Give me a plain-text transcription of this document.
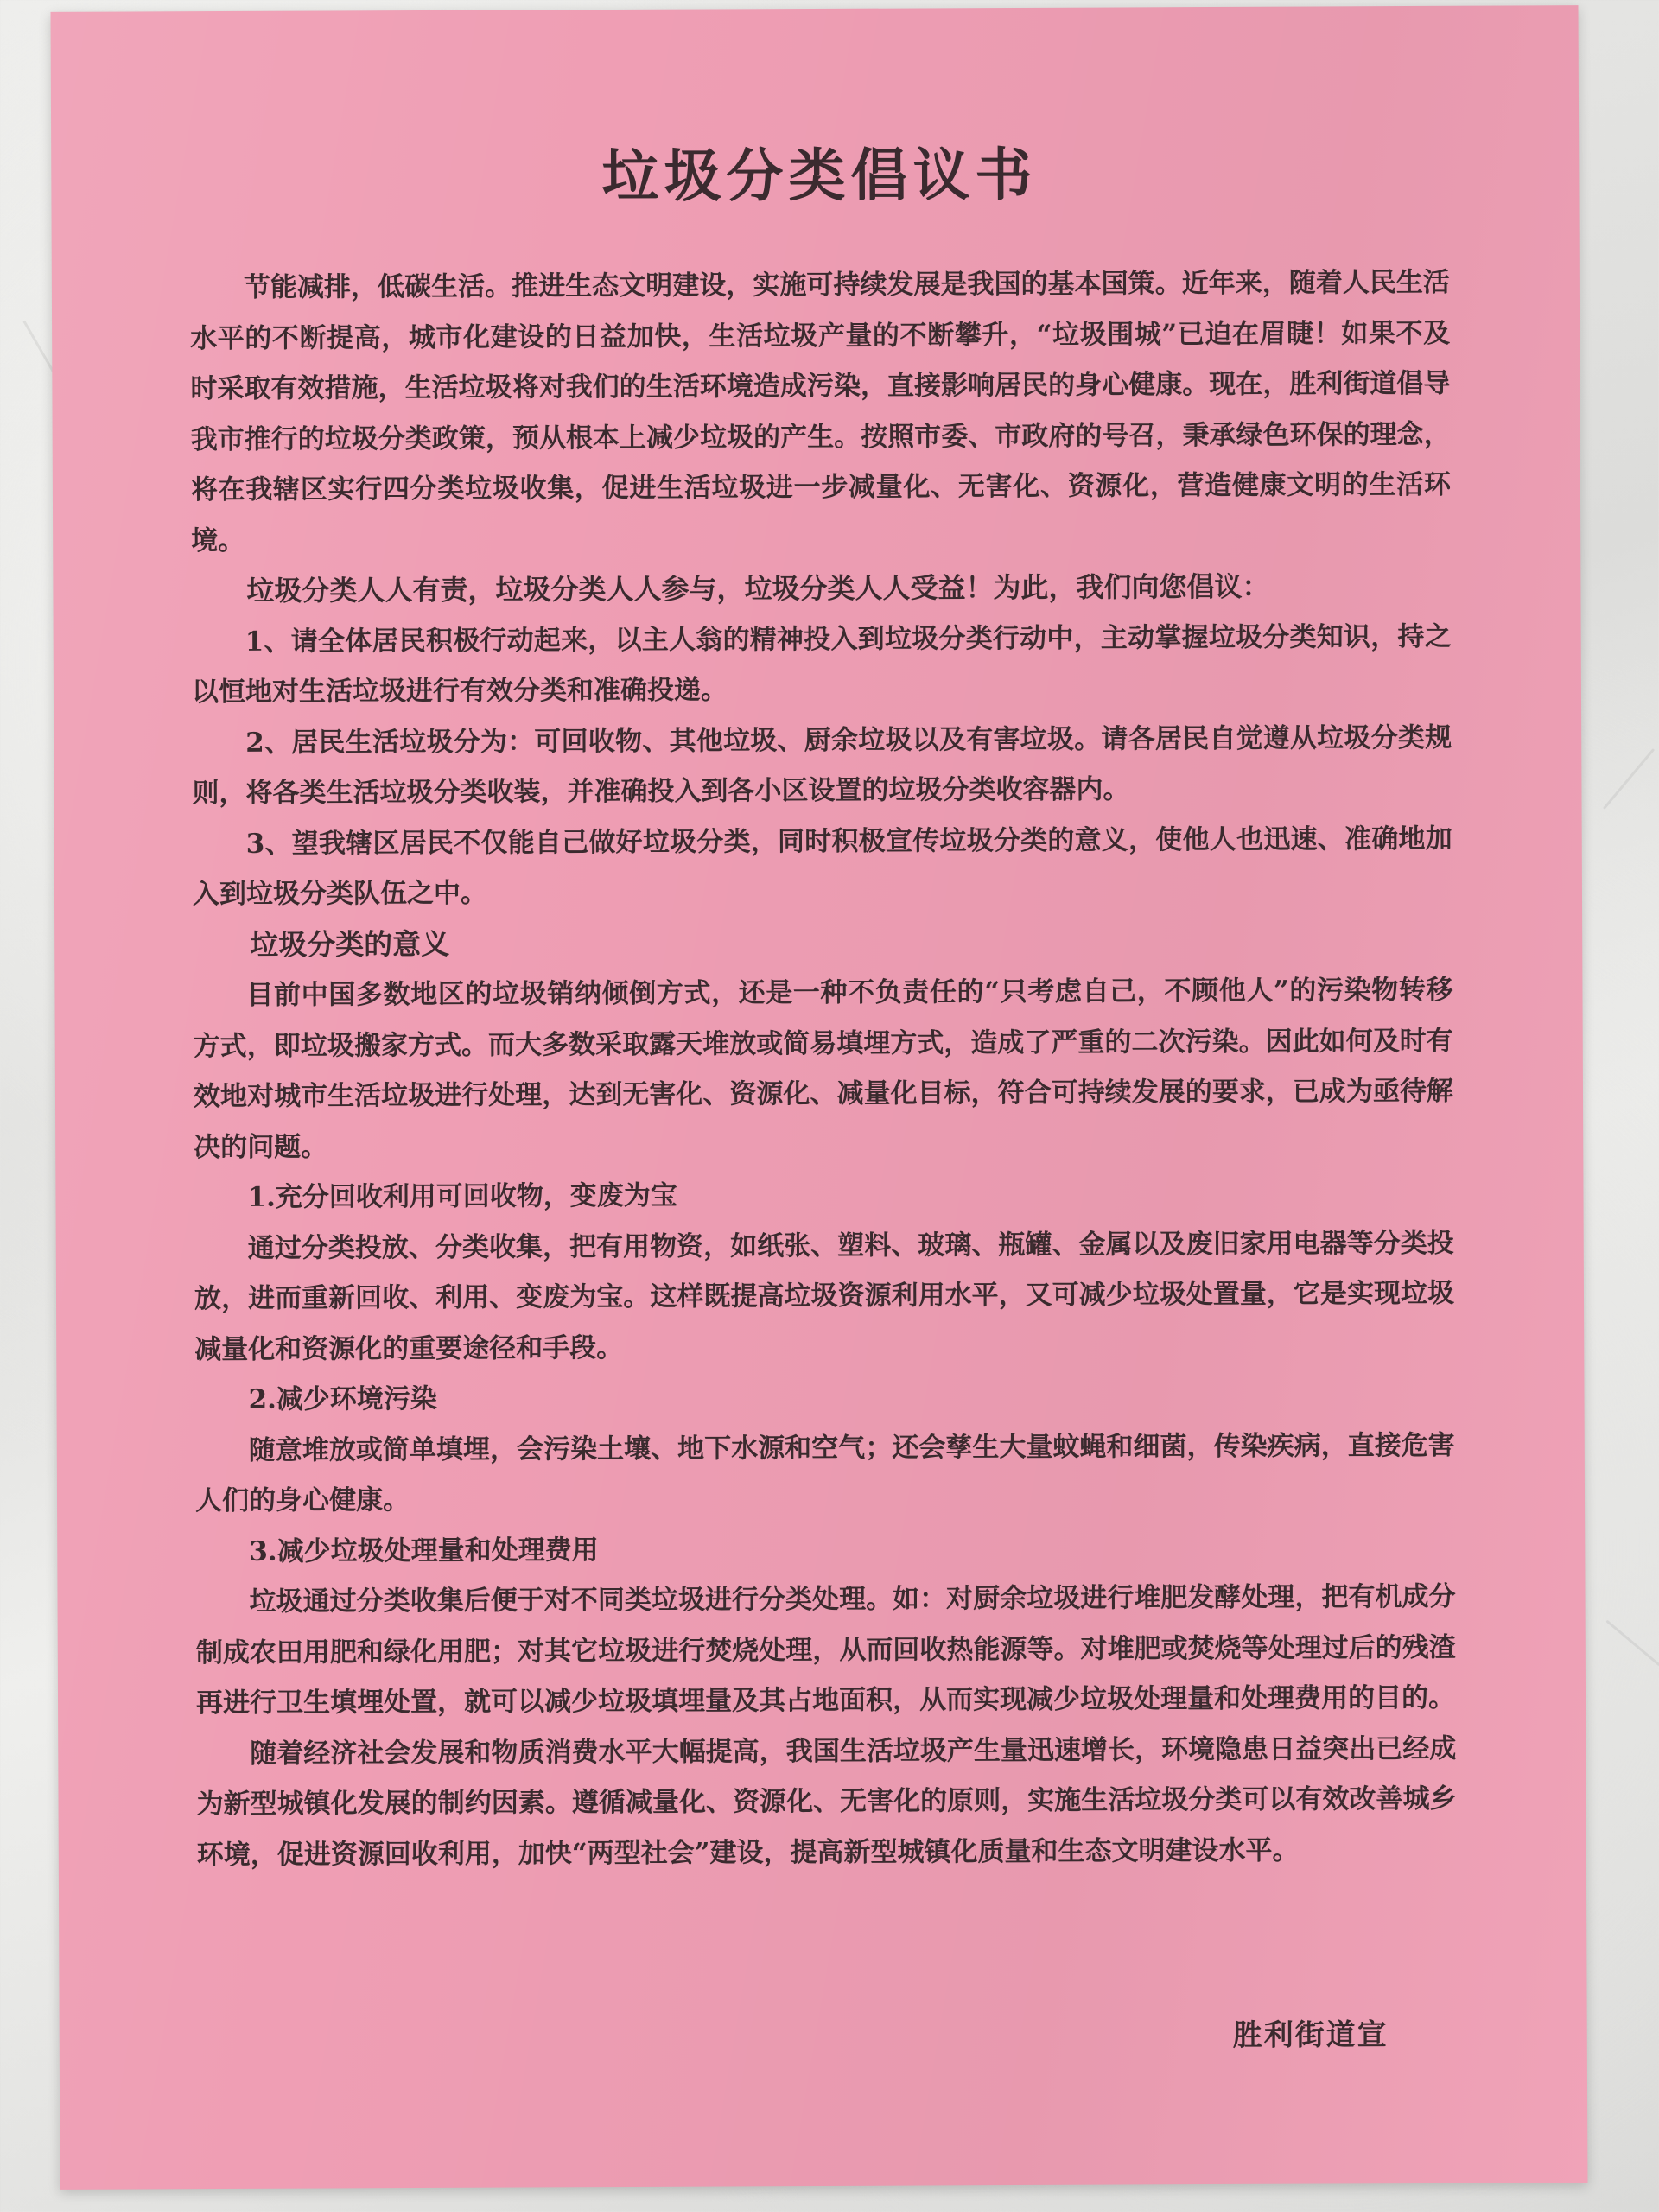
垃圾分类倡议书

节能减排，低碳生活。推进生态文明建设，实施可持续发展是我国的基本国策。近年来，随着人民生活水平的不断提高，城市化建设的日益加快，生活垃圾产量的不断攀升，“垃圾围城”已迫在眉睫！如果不及时采取有效措施，生活垃圾将对我们的生活环境造成污染，直接影响居民的身心健康。现在，胜利街道倡导我市推行的垃圾分类政策，预从根本上减少垃圾的产生。按照市委、市政府的号召，秉承绿色环保的理念，将在我辖区实行四分类垃圾收集，促进生活垃圾进一步减量化、无害化、资源化，营造健康文明的生活环境。

垃圾分类人人有责，垃圾分类人人参与，垃圾分类人人受益！为此，我们向您倡议：

1、请全体居民积极行动起来，以主人翁的精神投入到垃圾分类行动中，主动掌握垃圾分类知识，持之以恒地对生活垃圾进行有效分类和准确投递。

2、居民生活垃圾分为：可回收物、其他垃圾、厨余垃圾以及有害垃圾。请各居民自觉遵从垃圾分类规则，将各类生活垃圾分类收装，并准确投入到各小区设置的垃圾分类收容器内。

3、望我辖区居民不仅能自己做好垃圾分类，同时积极宣传垃圾分类的意义，使他人也迅速、准确地加入到垃圾分类队伍之中。

垃圾分类的意义

目前中国多数地区的垃圾销纳倾倒方式，还是一种不负责任的“只考虑自己，不顾他人”的污染物转移方式，即垃圾搬家方式。而大多数采取露天堆放或简易填埋方式，造成了严重的二次污染。因此如何及时有效地对城市生活垃圾进行处理，达到无害化、资源化、减量化目标，符合可持续发展的要求，已成为亟待解决的问题。

1.充分回收利用可回收物，变废为宝

通过分类投放、分类收集，把有用物资，如纸张、塑料、玻璃、瓶罐、金属以及废旧家用电器等分类投放，进而重新回收、利用、变废为宝。这样既提高垃圾资源利用水平，又可减少垃圾处置量，它是实现垃圾减量化和资源化的重要途径和手段。

2.减少环境污染

随意堆放或简单填埋，会污染土壤、地下水源和空气；还会孳生大量蚊蝇和细菌，传染疾病，直接危害人们的身心健康。

3.减少垃圾处理量和处理费用

垃圾通过分类收集后便于对不同类垃圾进行分类处理。如：对厨余垃圾进行堆肥发酵处理，把有机成分制成农田用肥和绿化用肥；对其它垃圾进行焚烧处理，从而回收热能源等。对堆肥或焚烧等处理过后的残渣再进行卫生填埋处置，就可以减少垃圾填埋量及其占地面积，从而实现减少垃圾处理量和处理费用的目的。

随着经济社会发展和物质消费水平大幅提高，我国生活垃圾产生量迅速增长，环境隐患日益突出已经成为新型城镇化发展的制约因素。遵循减量化、资源化、无害化的原则，实施生活垃圾分类可以有效改善城乡环境，促进资源回收利用，加快“两型社会”建设，提高新型城镇化质量和生态文明建设水平。

胜利街道宣
